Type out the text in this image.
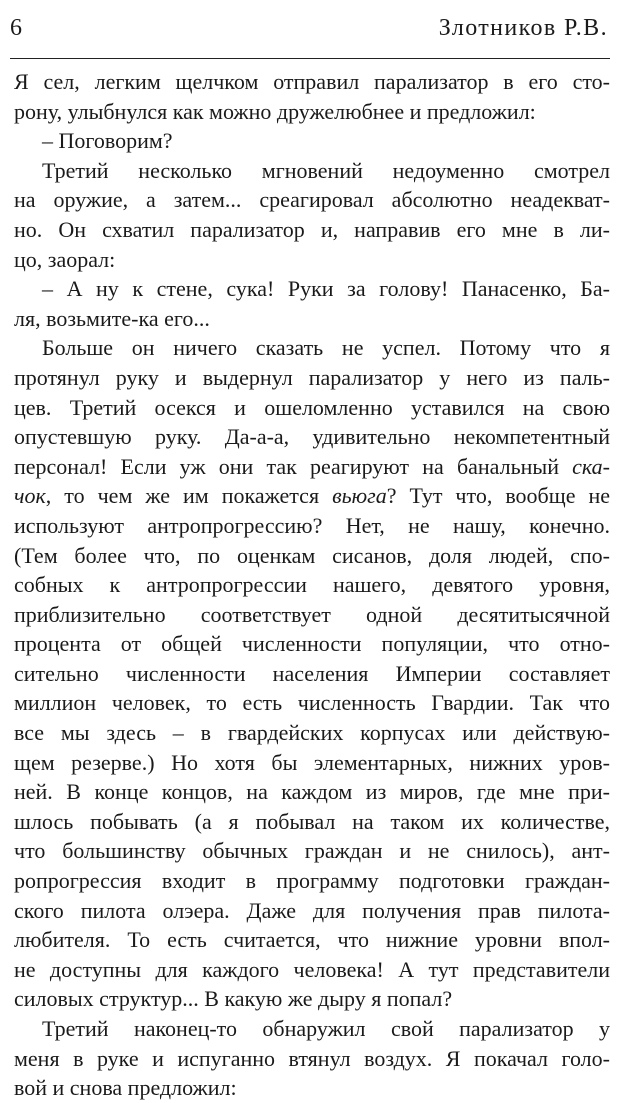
6	Злотников Р.В.
Я сел, легким щелчком отправил парализатор в его сто-
рону, улыбнулся как можно дружелюбнее и предложил:
– Поговорим?
Третий несколько мгновений недоуменно смотрел
на оружие, а затем... среагировал абсолютно неадекват-
но. Он схватил парализатор и, направив его мне в ли-
цо, заорал:
– А ну к стене, сука! Руки за голову! Панасенко, Ба-
ля, возьмите-ка его...
Больше он ничего сказать не успел. Потому что я
протянул руку и выдернул парализатор у него из паль-
цев. Третий осекся и ошеломленно уставился на свою
опустевшую руку. Да-а-а, удивительно некомпетентный
персонал! Если уж они так реагируют на банальный ска-
чок, то чем же им покажется вьюга? Тут что, вообще не
используют антропрогрессию? Нет, не нашу, конечно.
(Тем более что, по оценкам сисанов, доля людей, спо-
собных к антропрогрессии нашего, девятого уровня,
приблизительно соответствует одной десятитысячной
процента от общей численности популяции, что отно-
сительно численности населения Империи составляет
миллион человек, то есть численность Гвардии. Так что
все мы здесь – в гвардейских корпусах или действую-
щем резерве.) Но хотя бы элементарных, нижних уров-
ней. В конце концов, на каждом из миров, где мне при-
шлось побывать (а я побывал на таком их количестве,
что большинству обычных граждан и не снилось), ант-
ропрогрессия входит в программу подготовки граждан-
ского пилота олэера. Даже для получения прав пилота-
любителя. То есть считается, что нижние уровни впол-
не доступны для каждого человека! А тут представители
силовых структур... В какую же дыру я попал?
Третий наконец-то обнаружил свой парализатор у
меня в руке и испуганно втянул воздух. Я покачал голо-
вой и снова предложил:
